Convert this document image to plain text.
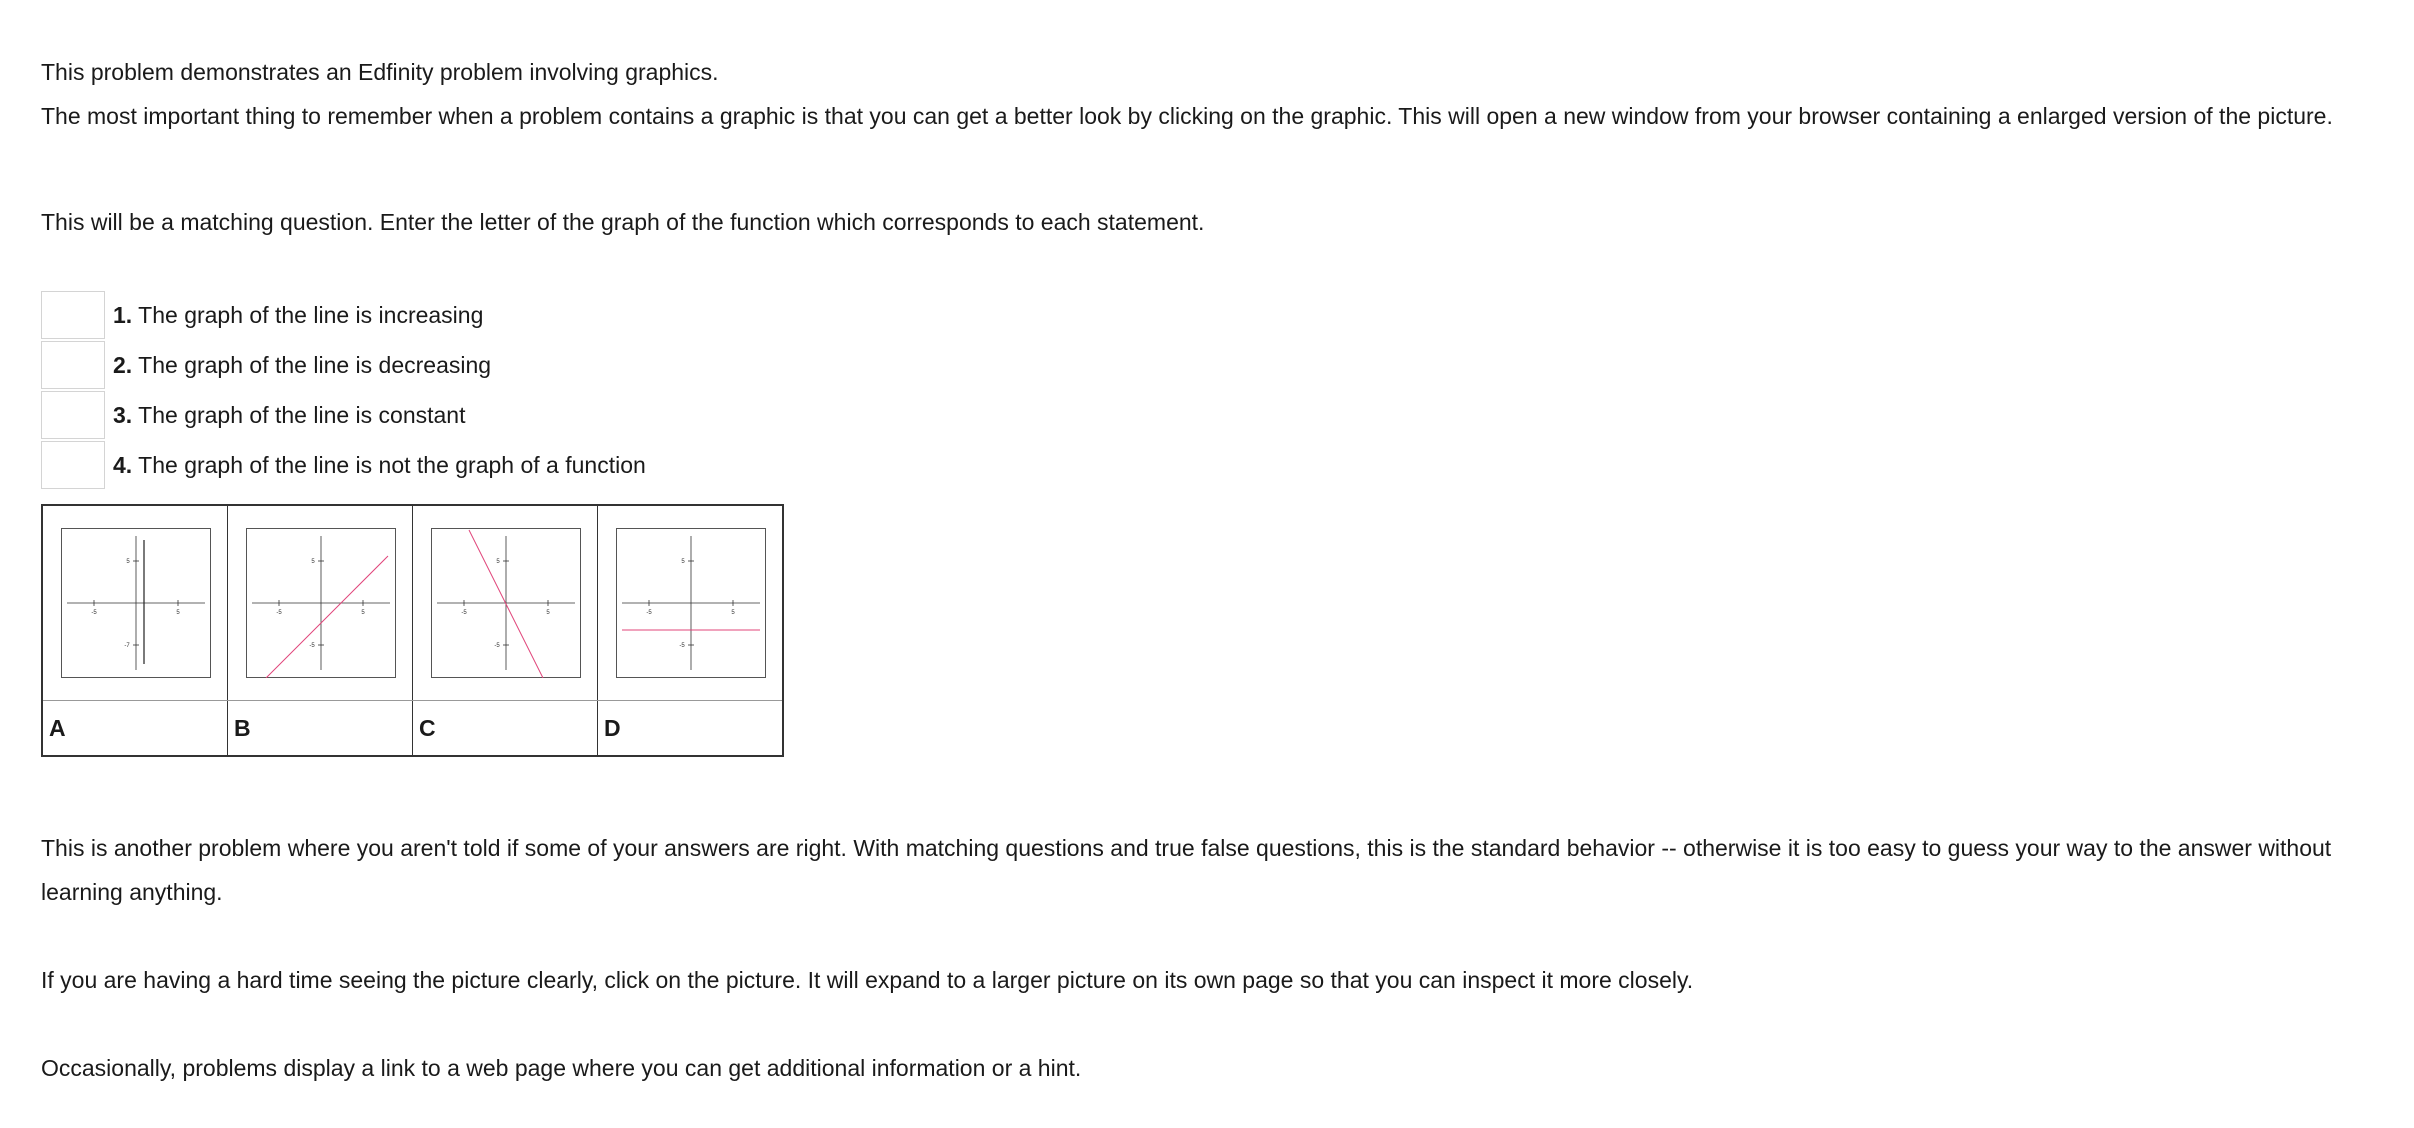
This problem demonstrates an Edfinity problem involving graphics.

The most important thing to remember when a problem contains a graphic is that you can get a better look by clicking on the graphic. This will open a new window from your browser containing a enlarged version of the picture.

This will be a matching question. Enter the letter of the graph of the function which corresponds to each statement.

1. The graph of the line is increasing
2. The graph of the line is decreasing
3. The graph of the line is constant
4. The graph of the line is not the graph of a function
-5 5
5
-7	-5 5
5
-5	-5 5
5
-5	-5 5
5
-5

A	B	C	D

This is another problem where you aren't told if some of your answers are right. With matching questions and true false questions, this is the standard behavior -- otherwise it is too easy to guess your way to the answer without learning anything.

If you are having a hard time seeing the picture clearly, click on the picture. It will expand to a larger picture on its own page so that you can inspect it more closely.

Occasionally, problems display a link to a web page where you can get additional information or a hint.
